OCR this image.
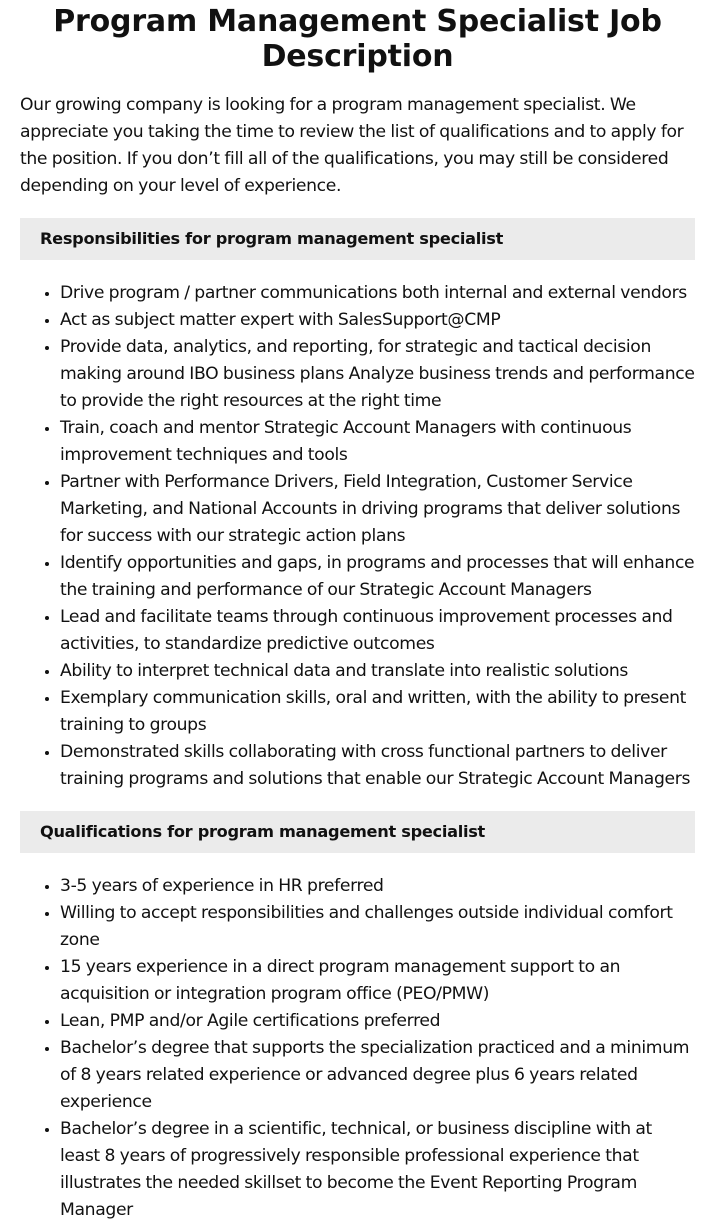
Program Management Specialist Job Description

Our growing company is looking for a program management specialist. We appreciate you taking the time to review the list of qualifications and to apply for the position. If you don’t fill all of the qualifications, you may still be considered depending on your level of experience.

Responsibilities for program management specialist
• Drive program / partner communications both internal and external vendors
• Act as subject matter expert with SalesSupport@CMP
• Provide data, analytics, and reporting, for strategic and tactical decision making around IBO business plans Analyze business trends and performance to provide the right resources at the right time
• Train, coach and mentor Strategic Account Managers with continuous improvement techniques and tools
• Partner with Performance Drivers, Field Integration, Customer Service Marketing, and National Accounts in driving programs that deliver solutions for success with our strategic action plans
• Identify opportunities and gaps, in programs and processes that will enhance the training and performance of our Strategic Account Managers
• Lead and facilitate teams through continuous improvement processes and activities, to standardize predictive outcomes
• Ability to interpret technical data and translate into realistic solutions
• Exemplary communication skills, oral and written, with the ability to present training to groups
• Demonstrated skills collaborating with cross functional partners to deliver training programs and solutions that enable our Strategic Account Managers
Qualifications for program management specialist
• 3-5 years of experience in HR preferred
• Willing to accept responsibilities and challenges outside individual comfort zone
• 15 years experience in a direct program management support to an acquisition or integration program office (PEO/PMW)
• Lean, PMP and/or Agile certifications preferred
• Bachelor’s degree that supports the specialization practiced and a minimum of 8 years related experience or advanced degree plus 6 years related experience
• Bachelor’s degree in a scientific, technical, or business discipline with at least 8 years of progressively responsible professional experience that illustrates the needed skillset to become the Event Reporting Program Manager
